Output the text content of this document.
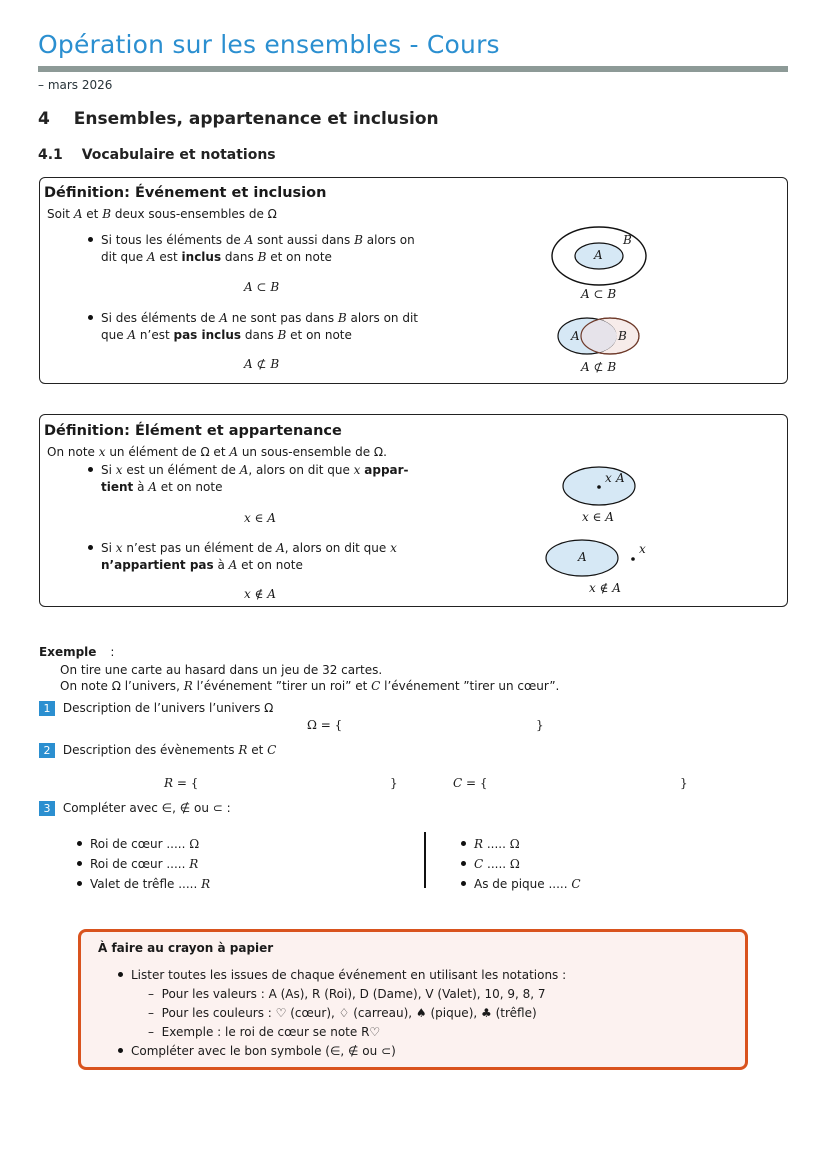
Opération sur les ensembles - Cours
– mars 2026
4 Ensembles, appartenance et inclusion
4.1 Vocabulaire et notations
Définition: Événement et inclusion
Soit A et B deux sous-ensembles de Ω
Si tous les éléments de A sont aussi dans B alors on
dit que A est inclus dans B et on note
A ⊂ B
Si des éléments de A ne sont pas dans B alors on dit
que A n’est pas inclus dans B et on note
A ⊄ B
A
B
A ⊂ B
A	B
A ⊄ B
Définition: Élément et appartenance
On note x un élément de Ω et A un sous-ensemble de Ω.
Si x est un élément de A, alors on dit que x appar-
tient à A et on note
x ∈ A
Si x n’est pas un élément de A, alors on dit que x
n’appartient pas à A et on note
x ∉ A
x A
x ∈ A
A
x
x ∉ A
Exemple :
On tire une carte au hasard dans un jeu de 32 cartes.
On note Ω l’univers, R l’événement ”tirer un roi” et C l’événement ”tirer un cœur”.
1 Description de l’univers l’univers Ω
Ω = {	}
2 Description des évènements R et C
R = {	}	C = {	}
3 Compléter avec ∈, ∉ ou ⊂ :
Roi de cœur ..... Ω
Roi de cœur ..... R
Valet de trêfle ..... R
R ..... Ω
C ..... Ω
As de pique ..... C
À faire au crayon à papier
Lister toutes les issues de chaque événement en utilisant les notations :
–  Pour les valeurs : A (As), R (Roi), D (Dame), V (Valet), 10, 9, 8, 7
–  Pour les couleurs : ♡ (cœur), ♢ (carreau), ♠ (pique), ♣ (trêfle)
–  Exemple : le roi de cœur se note R♡
Compléter avec le bon symbole (∈, ∉ ou ⊂)
